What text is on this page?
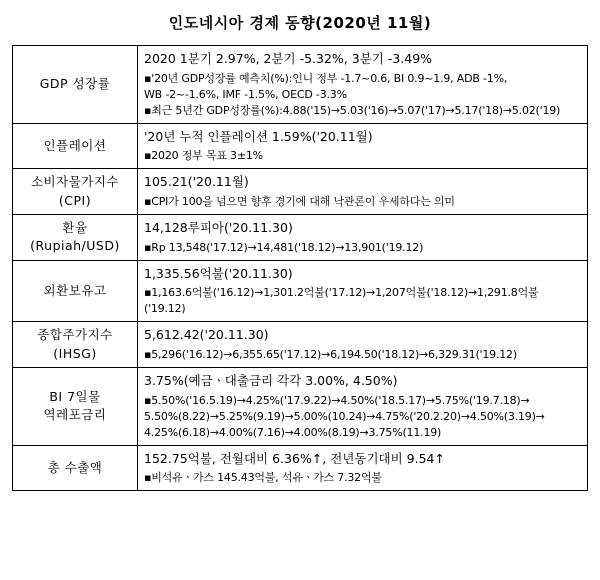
인도네시아 경제 동향(2020년 11월)
GDP 성장률	2020 1분기 2.97%, 2분기 -5.32%, 3분기 -3.49%
▪'20년 GDP성장률 예측치(%):인니 정부 -1.7~0.6, BI 0.9~1.9, ADB -1%,
WB -2~-1.6%, IMF -1.5%, OECD -3.3%
▪최근 5년간 GDP성장률(%):4.88('15)→5.03('16)→5.07('17)→5.17('18)→5.02('19)

인플레이션	'20년 누적 인플레이션 1.59%('20.11월)
▪2020 정부 목표 3±1%

소비자물가지수
(CPI)	105.21('20.11월)
▪CPI가 100을 넘으면 향후 경기에 대해 낙관론이 우세하다는 의미

환율
(Rupiah/USD)	14,128루피아('20.11.30)
▪Rp 13,548('17.12)→14,481('18.12)→13,901('19.12)

외환보유고	1,335.56억불('20.11.30)
▪1,163.6억불('16.12)→1,301.2억불('17.12)→1,207억불('18.12)→1,291.8억불
('19.12)

종합주가지수
(IHSG)	5,612.42('20.11.30)
▪5,296('16.12)→6,355.65('17.12)→6,194.50('18.12)→6,329.31('19.12)

BI 7일물
역레포금리	3.75%(예금ㆍ대출금리 각각 3.00%, 4.50%)
▪5.50%('16.5.19)→4.25%('17.9.22)→4.50%('18.5.17)→5.75%('19.7.18)→
5.50%(8.22)→5.25%(9.19)→5.00%(10.24)→4.75%('20.2.20)→4.50%(3.19)→
4.25%(6.18)→4.00%(7.16)→4.00%(8.19)→3.75%(11.19)

총 수출액	152.75억불, 전월대비 6.36%↑, 전년동기대비 9.54↑
▪비석유ㆍ가스 145.43억불, 석유ㆍ가스 7.32억불
